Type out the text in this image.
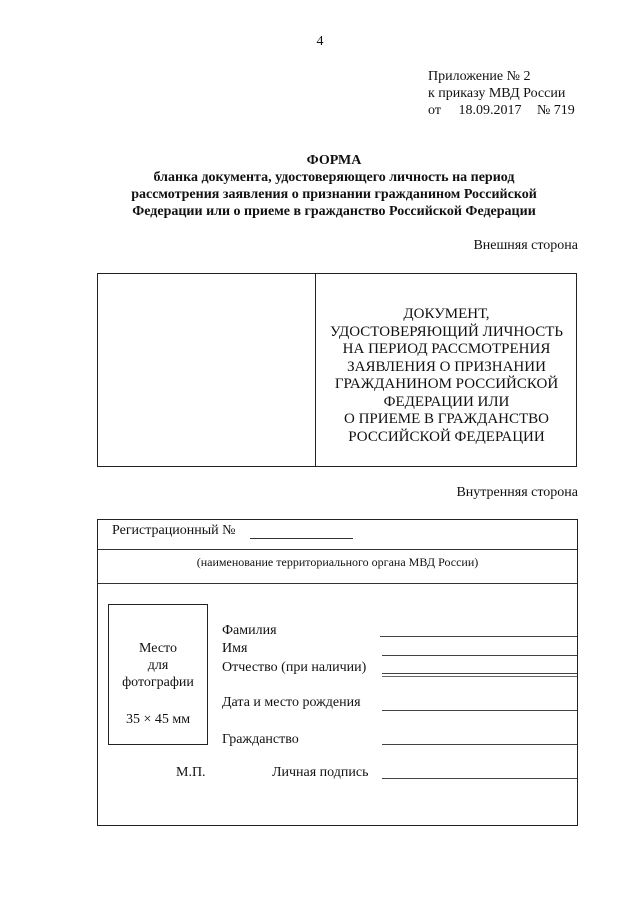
4
Приложение № 2
к приказу МВД России
от 18.09.2017 № 719
ФОРМА
бланка документа, удостоверяющего личность на период
рассмотрения заявления о признании гражданином Российской
Федерации или о приеме в гражданство Российской Федерации
Внешняя сторона
ДОКУМЕНТ,
УДОСТОВЕРЯЮЩИЙ ЛИЧНОСТЬ
НА ПЕРИОД РАССМОТРЕНИЯ
ЗАЯВЛЕНИЯ О ПРИЗНАНИИ
ГРАЖДАНИНОМ РОССИЙСКОЙ
ФЕДЕРАЦИИ ИЛИ
О ПРИЕМЕ В ГРАЖДАНСТВО
РОССИЙСКОЙ ФЕДЕРАЦИИ
Внутренняя сторона
Регистрационный №
(наименование территориального органа МВД России)
Место
для
фотографии
35 × 45 мм
Фамилия
Имя
Отчество (при наличии)
Дата и место рождения
Гражданство
М.П.	Личная подпись
